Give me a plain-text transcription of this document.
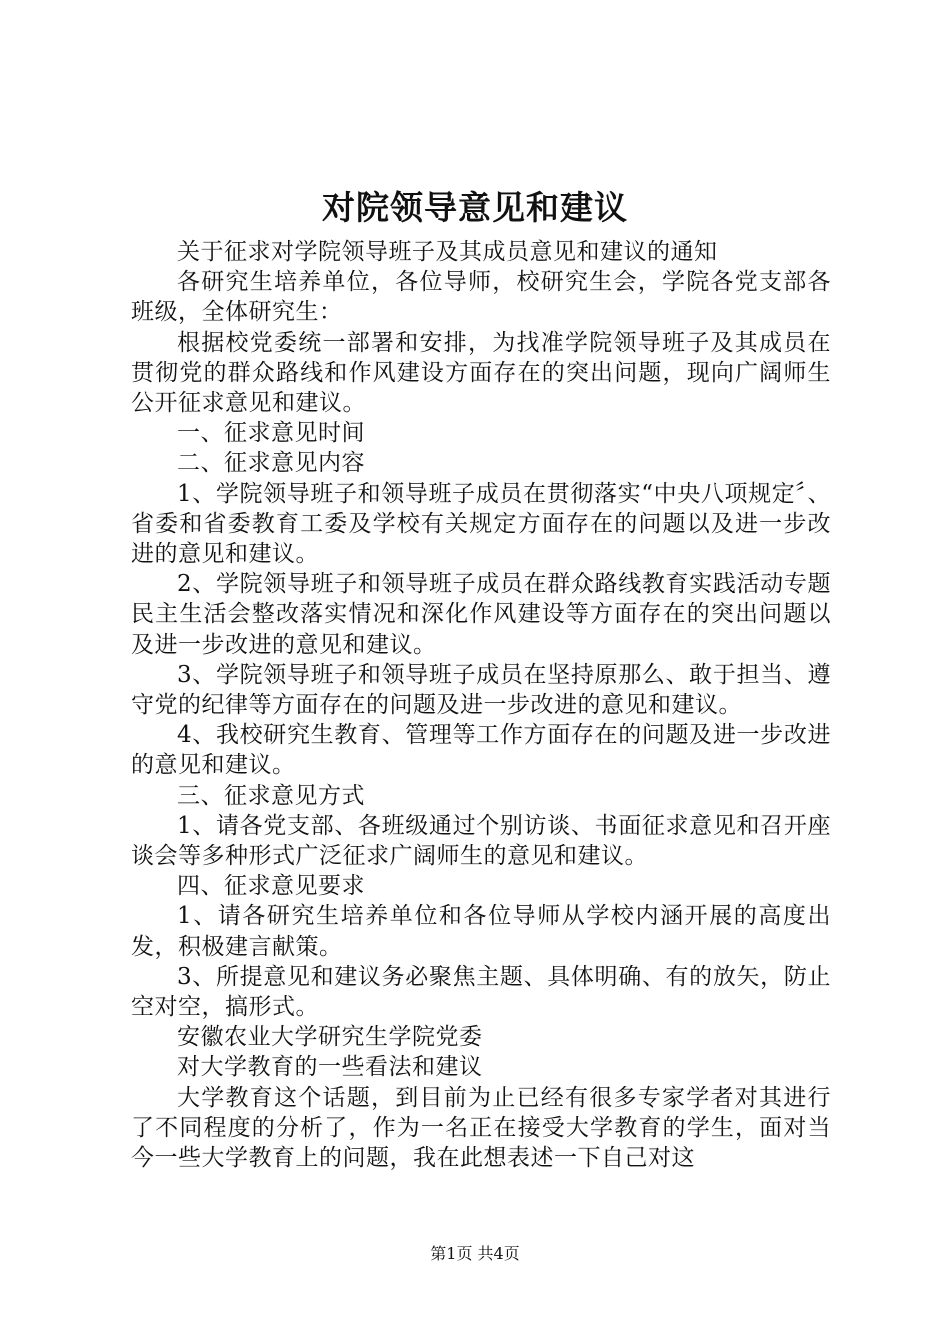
对院领导意见和建议

关于征求对学院领导班子及其成员意见和建议的通知

各研究生培养单位，各位导师，校研究生会，学院各党支部各班级，全体研究生：

根据校党委统一部署和安排，为找准学院领导班子及其成员在贯彻党的群众路线和作风建设方面存在的突出问题，现向广阔师生公开征求意见和建议。

一、征求意见时间

二、征求意见内容

1、学院领导班子和领导班子成员在贯彻落实“中央八项规定〞、省委和省委教育工委及学校有关规定方面存在的问题以及进一步改进的意见和建议。

2、学院领导班子和领导班子成员在群众路线教育实践活动专题民主生活会整改落实情况和深化作风建设等方面存在的突出问题以及进一步改进的意见和建议。

3、学院领导班子和领导班子成员在坚持原那么、敢于担当、遵守党的纪律等方面存在的问题及进一步改进的意见和建议。

4、我校研究生教育、管理等工作方面存在的问题及进一步改进的意见和建议。

三、征求意见方式

1、请各党支部、各班级通过个别访谈、书面征求意见和召开座谈会等多种形式广泛征求广阔师生的意见和建议。

四、征求意见要求

1、请各研究生培养单位和各位导师从学校内涵开展的高度出发，积极建言献策。

3、所提意见和建议务必聚焦主题、具体明确、有的放矢，防止空对空，搞形式。

安徽农业大学研究生学院党委

对大学教育的一些看法和建议

大学教育这个话题，到目前为止已经有很多专家学者对其进行了不同程度的分析了，作为一名正在接受大学教育的学生，面对当今一些大学教育上的问题，我在此想表述一下自己对这

第1页 共4页
